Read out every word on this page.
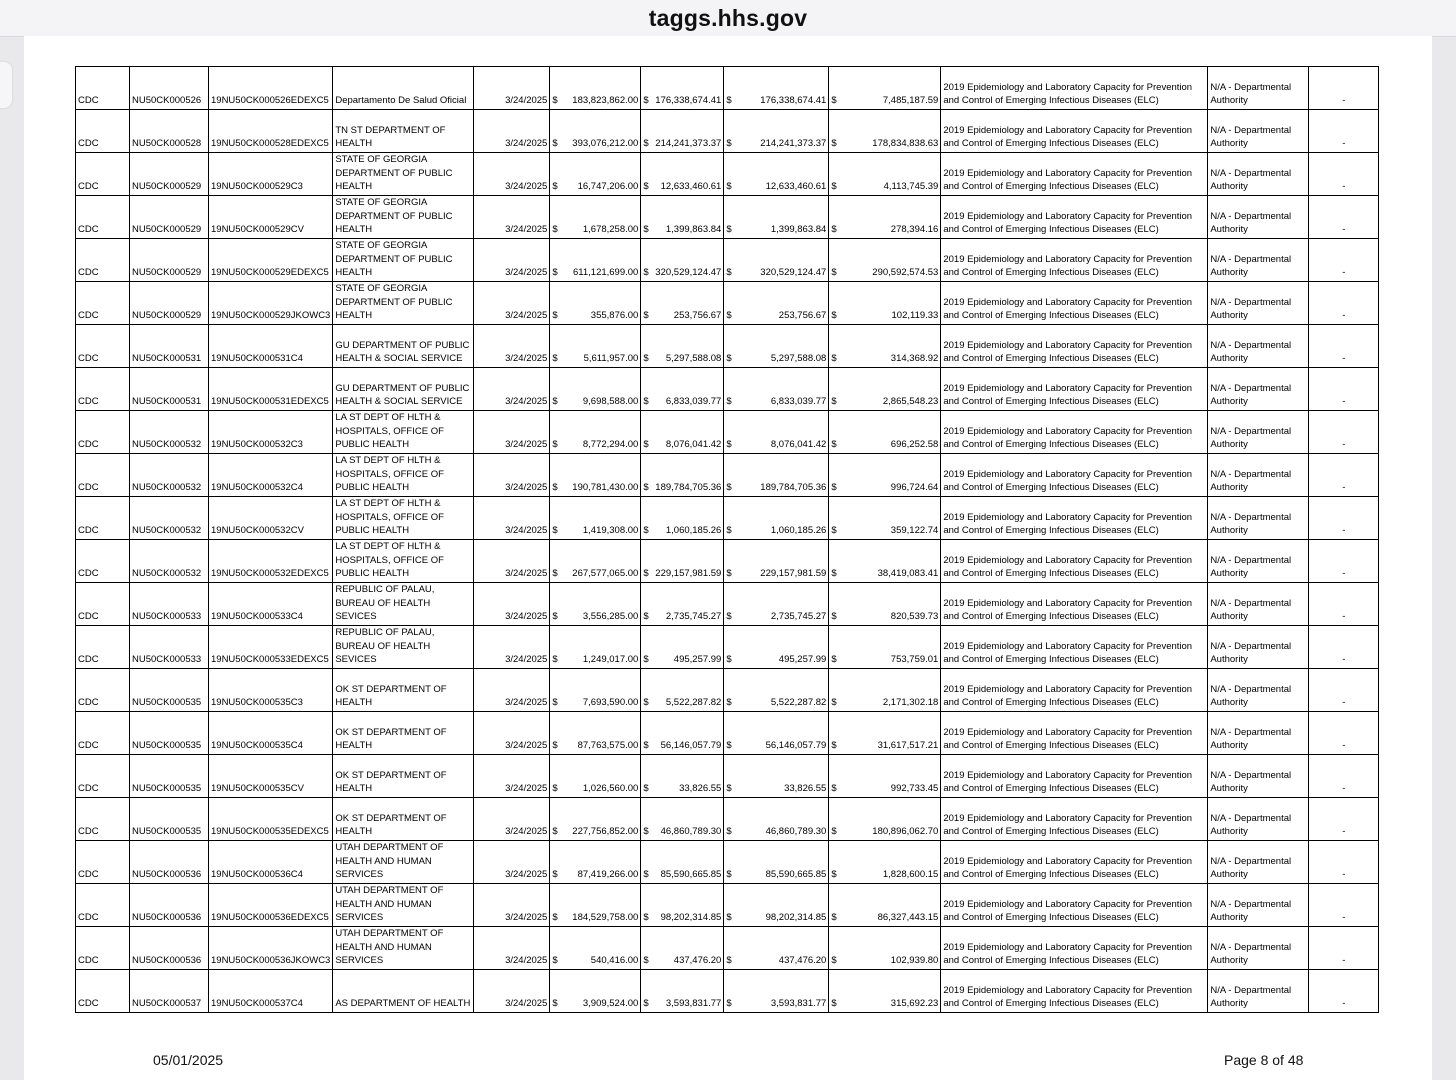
taggs.hhs.gov
CDC	NU50CK000526	19NU50CK000526EDEXC5	Departamento De Salud Oficial	3/24/2025	$ 183,823,862.00	$ 176,338,674.41	$ 176,338,674.41	$ 7,485,187.59	2019 Epidemiology and Laboratory Capacity for Prevention and Control of Emerging Infectious Diseases (ELC)	N/A - Departmental Authority	-
CDC	NU50CK000528	19NU50CK000528EDEXC5	TN ST DEPARTMENT OF HEALTH	3/24/2025	$ 393,076,212.00	$ 214,241,373.37	$ 214,241,373.37	$ 178,834,838.63	2019 Epidemiology and Laboratory Capacity for Prevention and Control of Emerging Infectious Diseases (ELC)	N/A - Departmental Authority	-
CDC	NU50CK000529	19NU50CK000529C3	STATE OF GEORGIA DEPARTMENT OF PUBLIC HEALTH	3/24/2025	$ 16,747,206.00	$ 12,633,460.61	$ 12,633,460.61	$ 4,113,745.39	2019 Epidemiology and Laboratory Capacity for Prevention and Control of Emerging Infectious Diseases (ELC)	N/A - Departmental Authority	-
CDC	NU50CK000529	19NU50CK000529CV	STATE OF GEORGIA DEPARTMENT OF PUBLIC HEALTH	3/24/2025	$ 1,678,258.00	$ 1,399,863.84	$ 1,399,863.84	$ 278,394.16	2019 Epidemiology and Laboratory Capacity for Prevention and Control of Emerging Infectious Diseases (ELC)	N/A - Departmental Authority	-
CDC	NU50CK000529	19NU50CK000529EDEXC5	STATE OF GEORGIA DEPARTMENT OF PUBLIC HEALTH	3/24/2025	$ 611,121,699.00	$ 320,529,124.47	$ 320,529,124.47	$ 290,592,574.53	2019 Epidemiology and Laboratory Capacity for Prevention and Control of Emerging Infectious Diseases (ELC)	N/A - Departmental Authority	-
CDC	NU50CK000529	19NU50CK000529JKOWC3	STATE OF GEORGIA DEPARTMENT OF PUBLIC HEALTH	3/24/2025	$ 355,876.00	$ 253,756.67	$ 253,756.67	$ 102,119.33	2019 Epidemiology and Laboratory Capacity for Prevention and Control of Emerging Infectious Diseases (ELC)	N/A - Departmental Authority	-
CDC	NU50CK000531	19NU50CK000531C4	GU DEPARTMENT OF PUBLIC HEALTH & SOCIAL SERVICE	3/24/2025	$ 5,611,957.00	$ 5,297,588.08	$ 5,297,588.08	$ 314,368.92	2019 Epidemiology and Laboratory Capacity for Prevention and Control of Emerging Infectious Diseases (ELC)	N/A - Departmental Authority	-
CDC	NU50CK000531	19NU50CK000531EDEXC5	GU DEPARTMENT OF PUBLIC HEALTH & SOCIAL SERVICE	3/24/2025	$ 9,698,588.00	$ 6,833,039.77	$ 6,833,039.77	$ 2,865,548.23	2019 Epidemiology and Laboratory Capacity for Prevention and Control of Emerging Infectious Diseases (ELC)	N/A - Departmental Authority	-
CDC	NU50CK000532	19NU50CK000532C3	LA ST DEPT OF HLTH & HOSPITALS, OFFICE OF PUBLIC HEALTH	3/24/2025	$ 8,772,294.00	$ 8,076,041.42	$ 8,076,041.42	$ 696,252.58	2019 Epidemiology and Laboratory Capacity for Prevention and Control of Emerging Infectious Diseases (ELC)	N/A - Departmental Authority	-
CDC	NU50CK000532	19NU50CK000532C4	LA ST DEPT OF HLTH & HOSPITALS, OFFICE OF PUBLIC HEALTH	3/24/2025	$ 190,781,430.00	$ 189,784,705.36	$ 189,784,705.36	$ 996,724.64	2019 Epidemiology and Laboratory Capacity for Prevention and Control of Emerging Infectious Diseases (ELC)	N/A - Departmental Authority	-
CDC	NU50CK000532	19NU50CK000532CV	LA ST DEPT OF HLTH & HOSPITALS, OFFICE OF PUBLIC HEALTH	3/24/2025	$ 1,419,308.00	$ 1,060,185.26	$ 1,060,185.26	$ 359,122.74	2019 Epidemiology and Laboratory Capacity for Prevention and Control of Emerging Infectious Diseases (ELC)	N/A - Departmental Authority	-
CDC	NU50CK000532	19NU50CK000532EDEXC5	LA ST DEPT OF HLTH & HOSPITALS, OFFICE OF PUBLIC HEALTH	3/24/2025	$ 267,577,065.00	$ 229,157,981.59	$ 229,157,981.59	$ 38,419,083.41	2019 Epidemiology and Laboratory Capacity for Prevention and Control of Emerging Infectious Diseases (ELC)	N/A - Departmental Authority	-
CDC	NU50CK000533	19NU50CK000533C4	REPUBLIC OF PALAU, BUREAU OF HEALTH SEVICES	3/24/2025	$ 3,556,285.00	$ 2,735,745.27	$ 2,735,745.27	$ 820,539.73	2019 Epidemiology and Laboratory Capacity for Prevention and Control of Emerging Infectious Diseases (ELC)	N/A - Departmental Authority	-
CDC	NU50CK000533	19NU50CK000533EDEXC5	REPUBLIC OF PALAU, BUREAU OF HEALTH SEVICES	3/24/2025	$ 1,249,017.00	$ 495,257.99	$ 495,257.99	$ 753,759.01	2019 Epidemiology and Laboratory Capacity for Prevention and Control of Emerging Infectious Diseases (ELC)	N/A - Departmental Authority	-
CDC	NU50CK000535	19NU50CK000535C3	OK ST DEPARTMENT OF HEALTH	3/24/2025	$ 7,693,590.00	$ 5,522,287.82	$ 5,522,287.82	$ 2,171,302.18	2019 Epidemiology and Laboratory Capacity for Prevention and Control of Emerging Infectious Diseases (ELC)	N/A - Departmental Authority	-
CDC	NU50CK000535	19NU50CK000535C4	OK ST DEPARTMENT OF HEALTH	3/24/2025	$ 87,763,575.00	$ 56,146,057.79	$ 56,146,057.79	$ 31,617,517.21	2019 Epidemiology and Laboratory Capacity for Prevention and Control of Emerging Infectious Diseases (ELC)	N/A - Departmental Authority	-
CDC	NU50CK000535	19NU50CK000535CV	OK ST DEPARTMENT OF HEALTH	3/24/2025	$ 1,026,560.00	$ 33,826.55	$ 33,826.55	$ 992,733.45	2019 Epidemiology and Laboratory Capacity for Prevention and Control of Emerging Infectious Diseases (ELC)	N/A - Departmental Authority	-
CDC	NU50CK000535	19NU50CK000535EDEXC5	OK ST DEPARTMENT OF HEALTH	3/24/2025	$ 227,756,852.00	$ 46,860,789.30	$ 46,860,789.30	$ 180,896,062.70	2019 Epidemiology and Laboratory Capacity for Prevention and Control of Emerging Infectious Diseases (ELC)	N/A - Departmental Authority	-
CDC	NU50CK000536	19NU50CK000536C4	UTAH DEPARTMENT OF HEALTH AND HUMAN SERVICES	3/24/2025	$ 87,419,266.00	$ 85,590,665.85	$ 85,590,665.85	$ 1,828,600.15	2019 Epidemiology and Laboratory Capacity for Prevention and Control of Emerging Infectious Diseases (ELC)	N/A - Departmental Authority	-
CDC	NU50CK000536	19NU50CK000536EDEXC5	UTAH DEPARTMENT OF HEALTH AND HUMAN SERVICES	3/24/2025	$ 184,529,758.00	$ 98,202,314.85	$ 98,202,314.85	$ 86,327,443.15	2019 Epidemiology and Laboratory Capacity for Prevention and Control of Emerging Infectious Diseases (ELC)	N/A - Departmental Authority	-
CDC	NU50CK000536	19NU50CK000536JKOWC3	UTAH DEPARTMENT OF HEALTH AND HUMAN SERVICES	3/24/2025	$ 540,416.00	$ 437,476.20	$ 437,476.20	$ 102,939.80	2019 Epidemiology and Laboratory Capacity for Prevention and Control of Emerging Infectious Diseases (ELC)	N/A - Departmental Authority	-
CDC	NU50CK000537	19NU50CK000537C4	AS DEPARTMENT OF HEALTH	3/24/2025	$ 3,909,524.00	$ 3,593,831.77	$ 3,593,831.77	$ 315,692.23	2019 Epidemiology and Laboratory Capacity for Prevention and Control of Emerging Infectious Diseases (ELC)	N/A - Departmental Authority	-
05/01/2025	Page 8 of 48
